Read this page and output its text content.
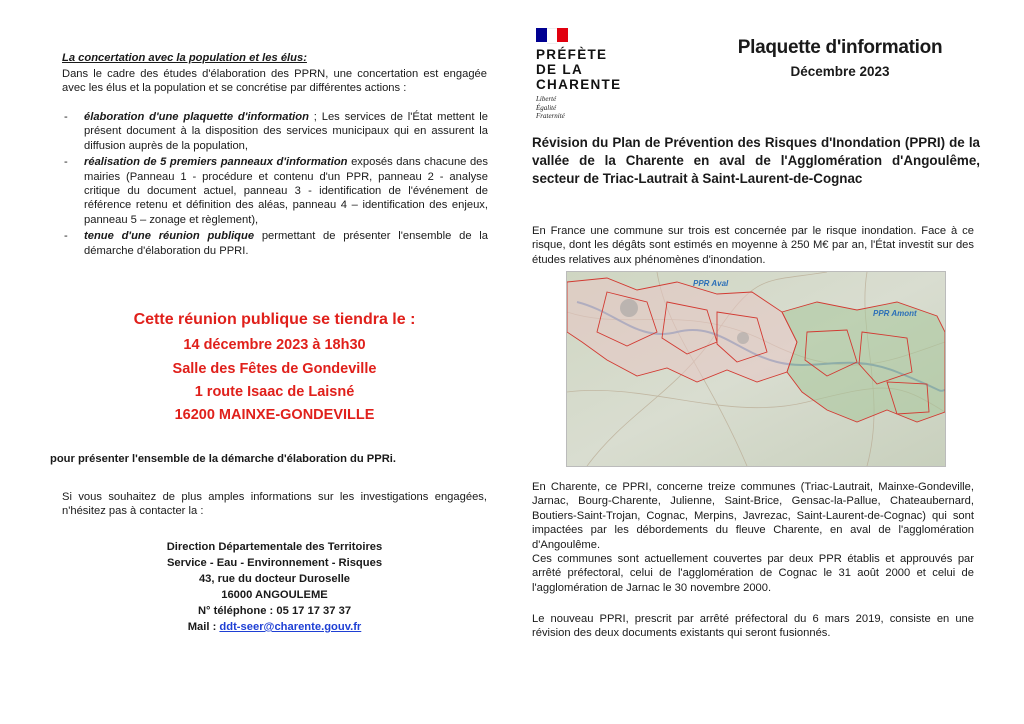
La concertation avec la population et les élus:

Dans le cadre des études d'élaboration des PPRN, une concertation est engagée avec les élus et la population et se concrétise par différentes actions :

- élaboration d'une plaquette d'information ; Les services de l'État mettent le présent document à la disposition des services municipaux qui en assurent la diffusion auprès de la population,
- réalisation de 5 premiers panneaux d'information exposés dans chacune des mairies (Panneau 1 - procédure et contenu d'un PPR, panneau 2 - analyse critique du document actuel, panneau 3 - identification de l'événement de référence retenu et définition des aléas, panneau 4 – identification des enjeux, panneau 5 – zonage et règlement),
- tenue d'une réunion publique permettant de présenter l'ensemble de la démarche d'élaboration du PPRI.
Cette réunion publique se tiendra le :
14 décembre 2023 à 18h30
Salle des Fêtes de Gondeville
1 route Isaac de Laisné
16200 MAINXE-GONDEVILLE
pour présenter l'ensemble de la démarche d'élaboration du PPRi.

Si vous souhaitez de plus amples informations sur les investigations engagées, n'hésitez pas à contacter la :

Direction Départementale des Territoires
Service - Eau - Environnement - Risques
43, rue du docteur Duroselle
16000 ANGOULEME
N° téléphone : 05 17 17 37 37
Mail : ddt-seer@charente.gouv.fr
PRÉFÈTE
DE LA
CHARENTE
Liberté
Égalité
Fraternité
Plaquette d'information
Décembre 2023
Révision du Plan de Prévention des Risques d'Inondation (PPRI) de la vallée de la Charente en aval de l'Agglomération d'Angoulême, secteur de Triac-Lautrait à Saint-Laurent-de-Cognac

En France une commune sur trois est concernée par le risque inondation. Face à ce risque, dont les dégâts sont estimés en moyenne à 250 M€ par an, l'État investit sur des études relatives aux phénomènes d'inondation.

PPR Aval
PPR Amont

En Charente, ce PPRI, concerne treize communes (Triac-Lautrait, Mainxe-Gondeville, Jarnac, Bourg-Charente, Julienne, Saint-Brice, Gensac-la-Pallue, Chateaubernard, Boutiers-Saint-Trojan, Cognac, Merpins, Javrezac, Saint-Laurent-de-Cognac) qui sont impactées par les débordements du fleuve Charente, en aval de l'agglomération d'Angoulême.
Ces communes sont actuellement couvertes par deux PPR établis et approuvés par arrêté préfectoral, celui de l'agglomération de Cognac le 31 août 2000 et celui de l'agglomération de Jarnac le 30 novembre 2000.

Le nouveau PPRI, prescrit par arrêté préfectoral du 6 mars 2019, consiste en une révision des deux documents existants qui seront fusionnés.
